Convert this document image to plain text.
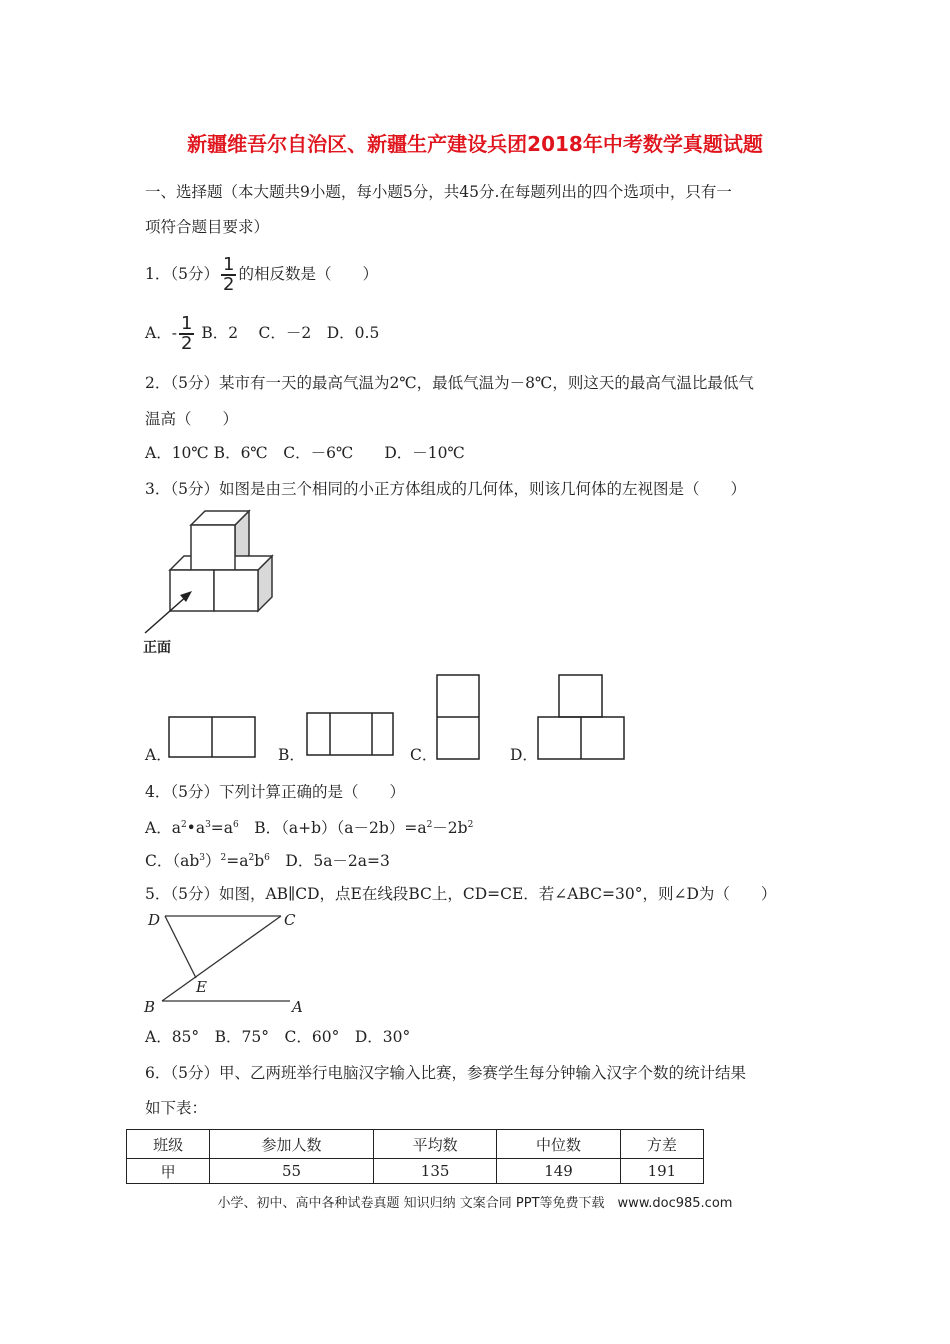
新疆维吾尔自治区、新疆生产建设兵团2018年中考数学真题试题
一、选择题（本大题共9小题，每小题5分，共45分.在每题列出的四个选项中，只有一
项符合题目要求）
1．（5分） $\frac{1}{2}$ 的相反数是（　　）
A．- $\frac{1}{2}$ B．2　 C．－2　D．0.5
2．（5分）某市有一天的最高气温为2℃，最低气温为－8℃，则这天的最高气温比最低气
温高（　　）
A．10℃ B．6℃　C．－6℃　　D．－10℃
3．（5分）如图是由三个相同的小正方体组成的几何体，则该几何体的左视图是（　　）
正面
A．	B．	C．	D．
4．（5分）下列计算正确的是（　　）
A．$a^2•a^3=a^6$　B．$(a+b)(a-2b)=a^2-2b^2$
C．$(ab^3)^2=a^2b^6$　D．5a－2a=3
5．（5分）如图，AB∥CD，点E在线段BC上，CD=CE．若∠ABC=30°，则∠D为（　　）
D	C
E
B	A
A．85°　B．75°　C．60°　D．30°
6．（5分）甲、乙两班举行电脑汉字输入比赛，参赛学生每分钟输入汉字个数的统计结果
如下表：
班级	参加人数	平均数	中位数	方差
甲	55	135	149	191
小学、初中、高中各种试卷真题 知识归纳 文案合同 PPT等免费下载　www.doc985.com
